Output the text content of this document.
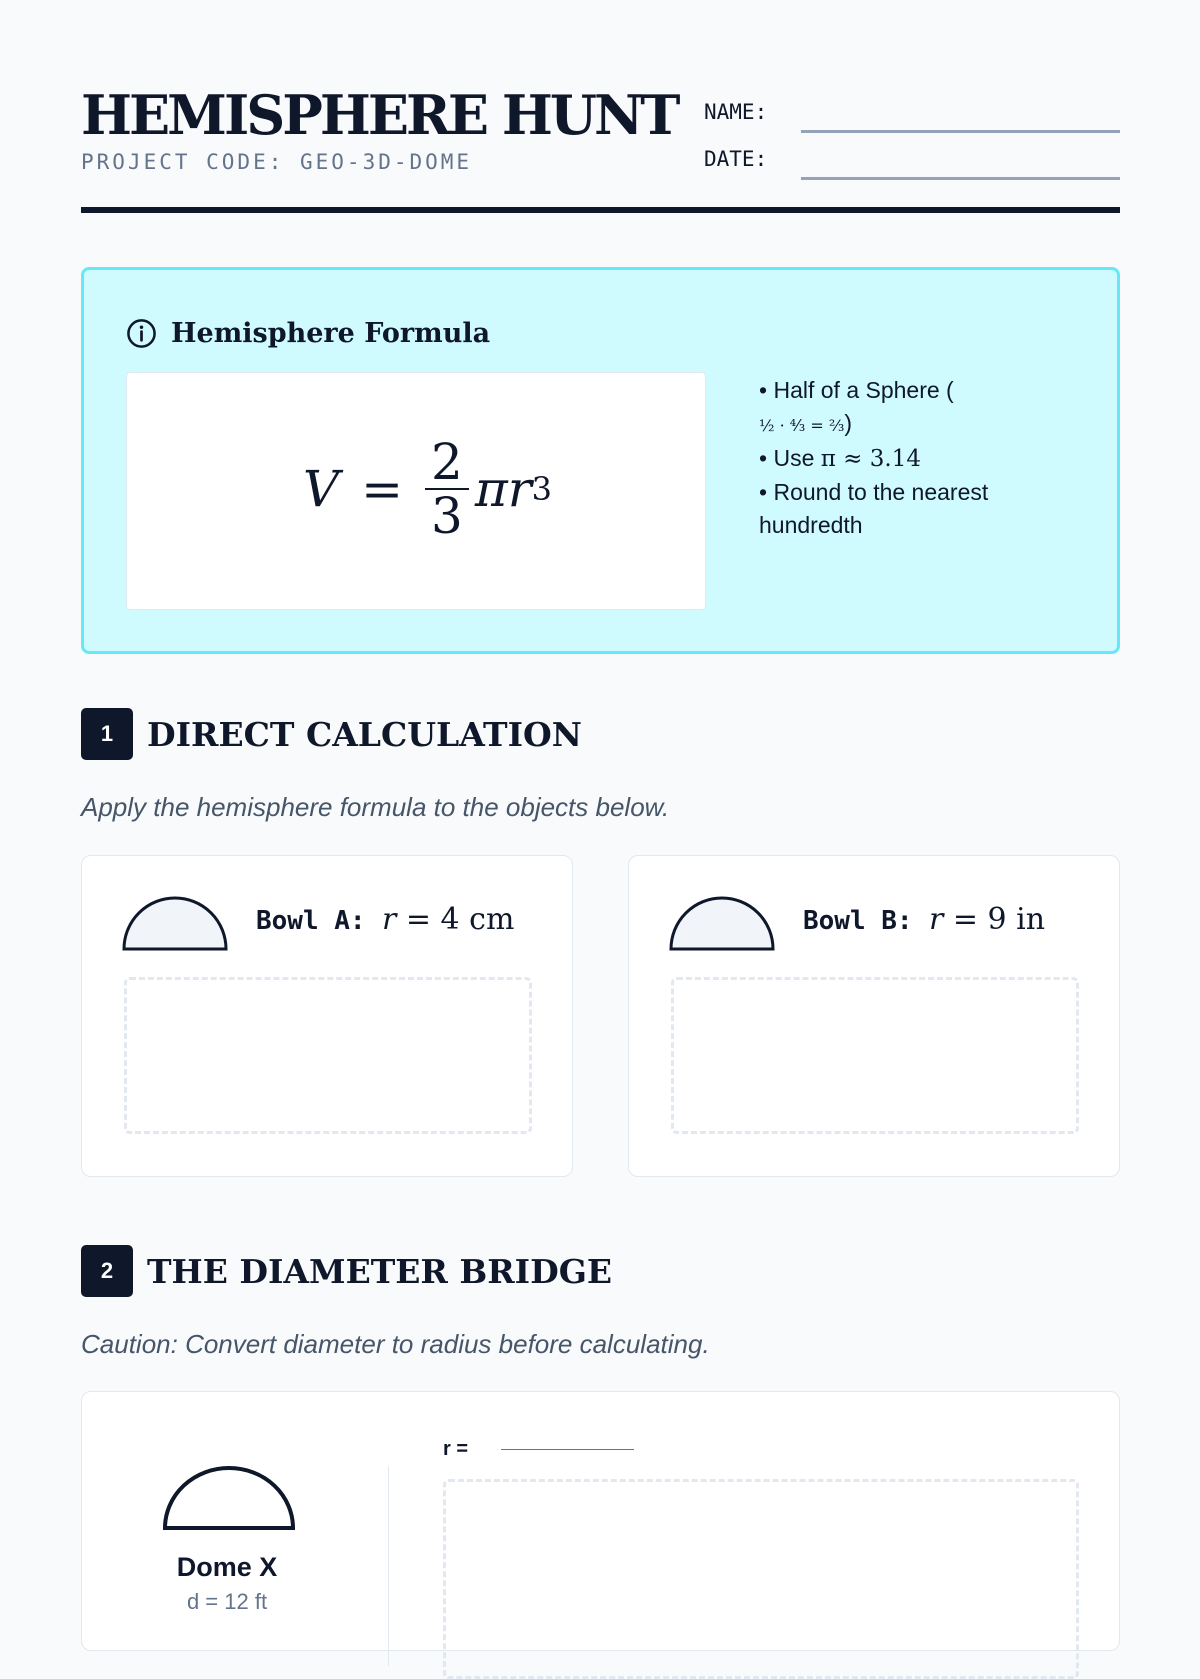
HEMISPHERE HUNT
PROJECT CODE: GEO-3D-DOME
NAME:
DATE:
Hemisphere Formula
$V = \frac{2}{3}$ πr 3
• Half of a Sphere (
½ · ⁴⁄₃ = ⅔)
• Use π ≈ 3.14
• Round to the nearest hundredth
1	DIRECT CALCULATION
Apply the hemisphere formula to the objects below.
Bowl A: r = 4 cm	Bowl B: r = 9 in
2	THE DIAMETER BRIDGE
Caution: Convert diameter to radius before calculating.
Dome X
d = 12 ft
r =
